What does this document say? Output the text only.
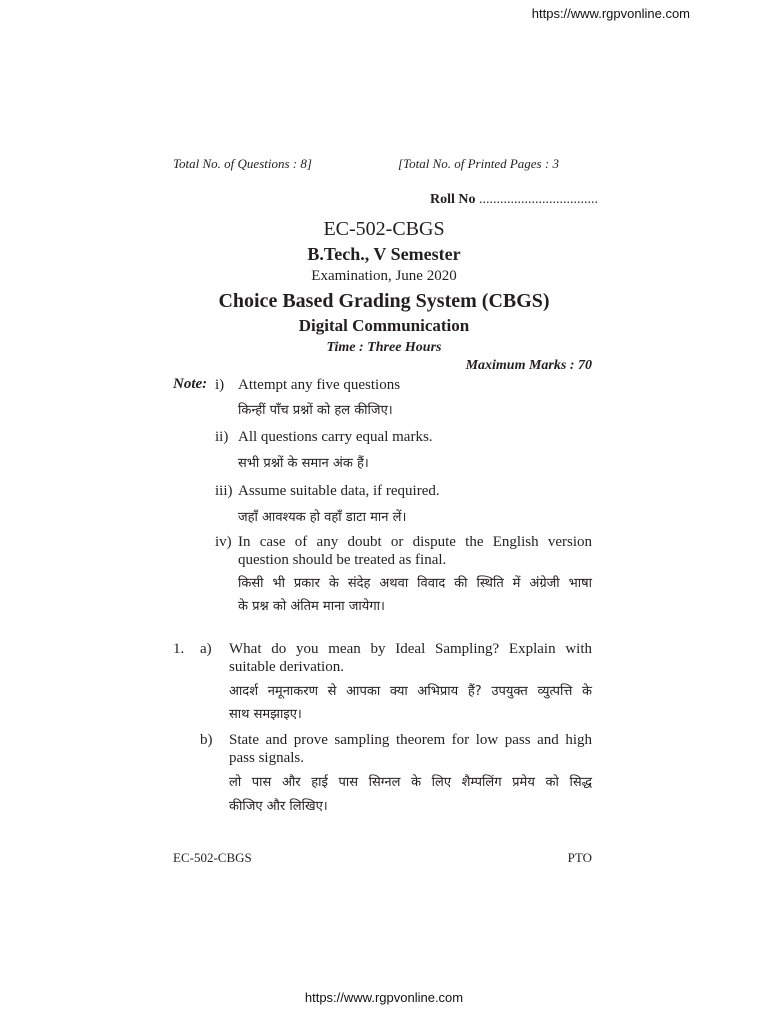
https://www.rgpvonline.com
Total No. of Questions : 8]	[Total No. of Printed Pages : 3
Roll No ..................................
EC-502-CBGS
B.Tech., V Semester
Examination, June 2020
Choice Based Grading System (CBGS)
Digital Communication
Time : Three Hours
Maximum Marks : 70
Note: i) Attempt any five questions
किन्हीं पाँच प्रश्नों को हल कीजिए।
ii) All questions carry equal marks.
सभी प्रश्नों के समान अंक हैं।
iii) Assume suitable data, if required.
जहाँ आवश्यक हो वहाँ डाटा मान लें।
iv) In case of any doubt or dispute the English version
question should be treated as final.
किसी भी प्रकार के संदेह अथवा विवाद की स्थिति में अंग्रेजी भाषा
के प्रश्न को अंतिम माना जायेगा।
1. a) What do you mean by Ideal Sampling? Explain with
suitable derivation.
आदर्श नमूनाकरण से आपका क्या अभिप्राय हैं? उपयुक्त व्युत्पत्ति के
साथ समझाइए।
b) State and prove sampling theorem for low pass and high
pass signals.
लो पास और हाई पास सिग्नल के लिए शैम्पलिंग प्रमेय को सिद्ध
कीजिए और लिखिए।
EC-502-CBGS	PTO
https://www.rgpvonline.com
